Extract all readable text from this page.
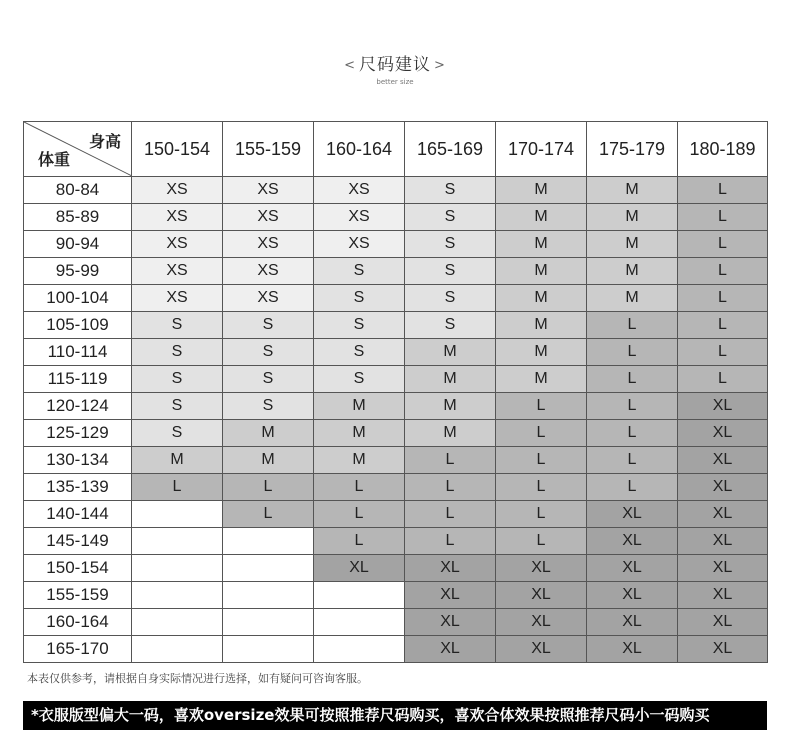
< 尺码建议 >
better size
身高
体重	150-154	155-159	160-164	165-169	170-174	175-179	180-189
80-84	XS	XS	XS	S	M	M	L
85-89	XS	XS	XS	S	M	M	L
90-94	XS	XS	XS	S	M	M	L
95-99	XS	XS	S	S	M	M	L
100-104	XS	XS	S	S	M	M	L
105-109	S	S	S	S	M	L	L
110-114	S	S	S	M	M	L	L
115-119	S	S	S	M	M	L	L
120-124	S	S	M	M	L	L	XL
125-129	S	M	M	M	L	L	XL
130-134	M	M	M	L	L	L	XL
135-139	L	L	L	L	L	L	XL
140-144		L	L	L	L	XL	XL
145-149			L	L	L	XL	XL
150-154			XL	XL	XL	XL	XL
155-159				XL	XL	XL	XL
160-164				XL	XL	XL	XL
165-170				XL	XL	XL	XL
本表仅供参考，请根据自身实际情况进行选择，如有疑问可咨询客服。
*衣服版型偏大一码，喜欢oversize效果可按照推荐尺码购买，喜欢合体效果按照推荐尺码小一码购买
